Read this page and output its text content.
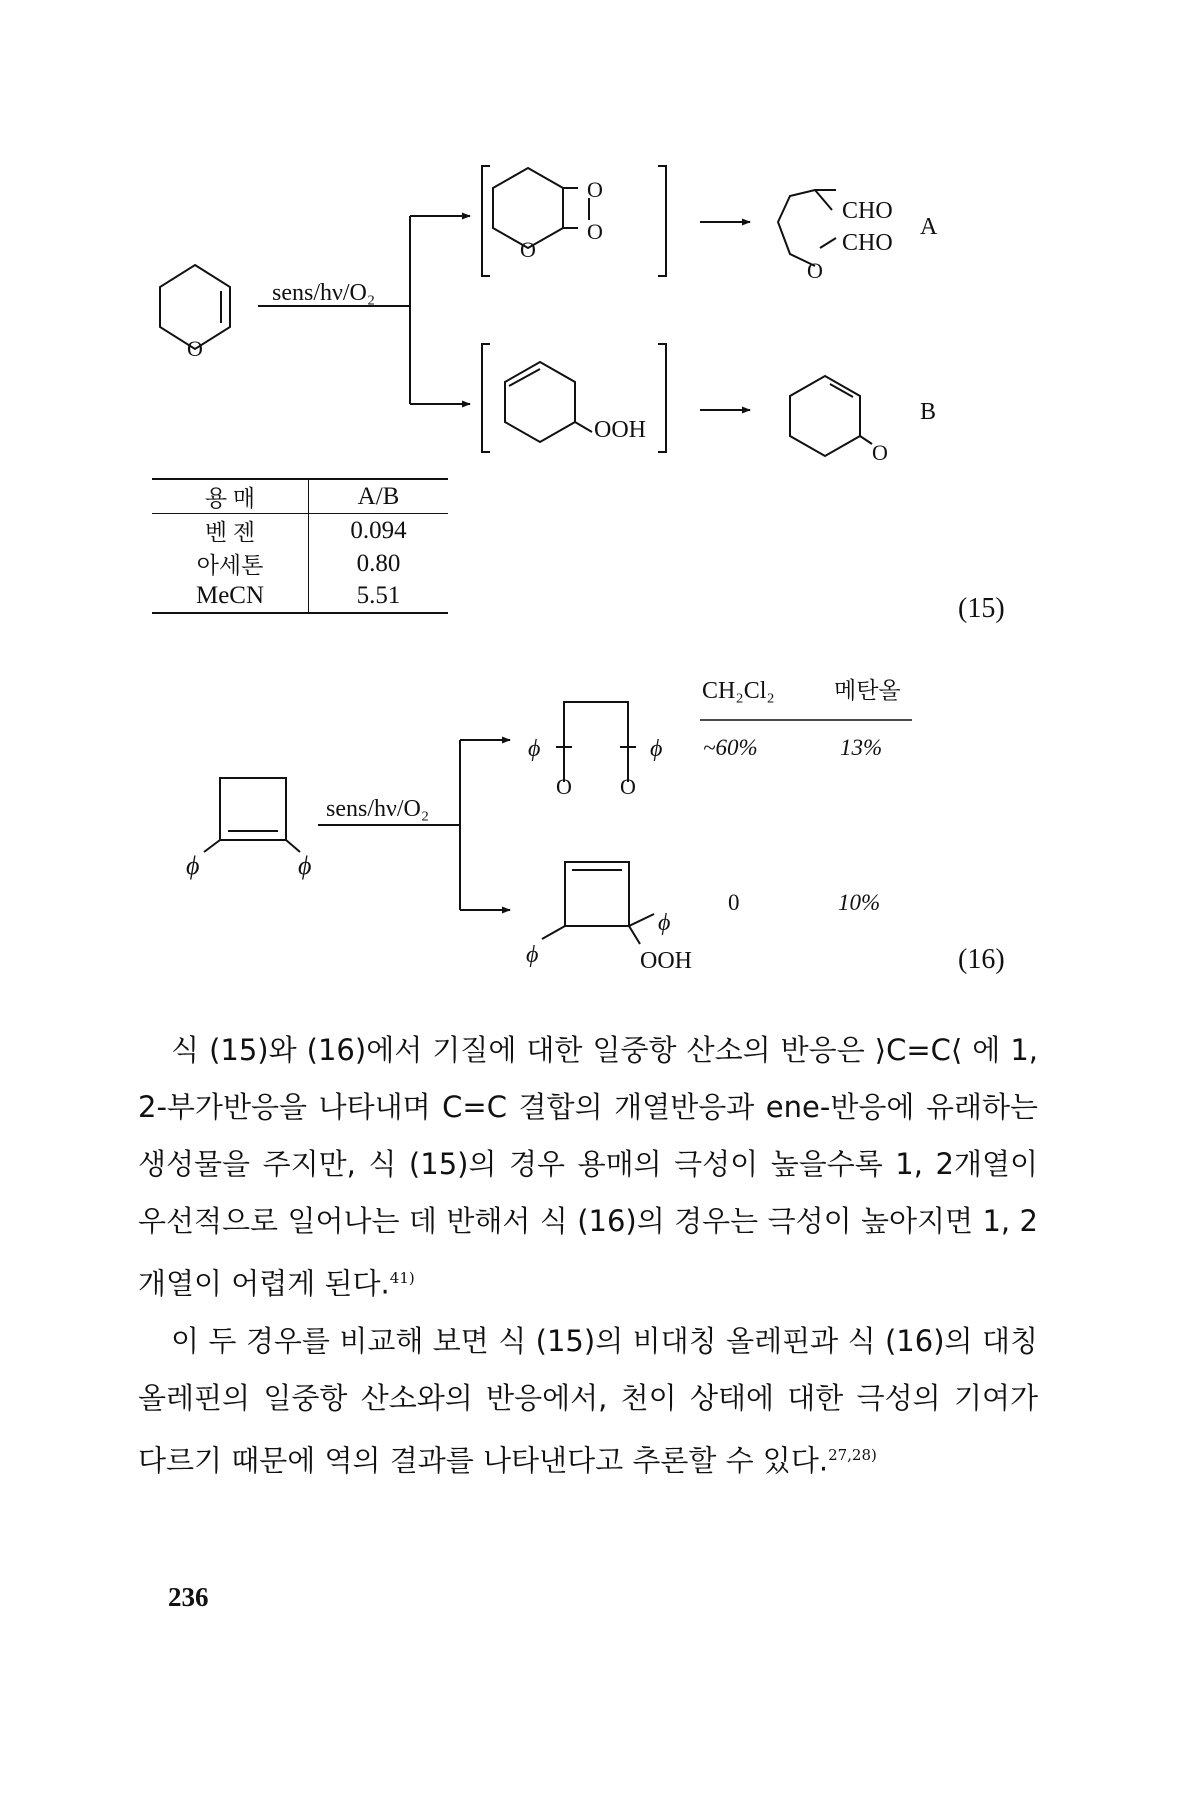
O
sens/hν/O₂
O
O
O
CHO
CHO
O
A
OOH
O
B
(15)
CH₂Cl₂	메탄올
ϕ	ϕ
O O
~60%	13%
ϕ	ϕ
sens/hν/O₂
0	10%
ϕ
ϕ	OOH	(16)
용 매	A/B
벤 젠	0.094
아세톤	0.80
MeCN	5.51

식 (15)와 (16)에서 기질에 대한 일중항 산소의 반응은 ⟩C=C⟨ 에 1, 2-부가반응을 나타내며 C=C 결합의 개열반응과 ene-반응에 유래하는 생성물을 주지만, 식 (15)의 경우 용매의 극성이 높을수록 1, 2개열이 우선적으로 일어나는 데 반해서 식 (16)의 경우는 극성이 높아지면 1, 2개열이 어렵게 된다.$^{41)}$

이 두 경우를 비교해 보면 식 (15)의 비대칭 올레핀과 식 (16)의 대칭 올레핀의 일중항 산소와의 반응에서, 천이 상태에 대한 극성의 기여가 다르기 때문에 역의 결과를 나타낸다고 추론할 수 있다.$^{27,28)}$

236
